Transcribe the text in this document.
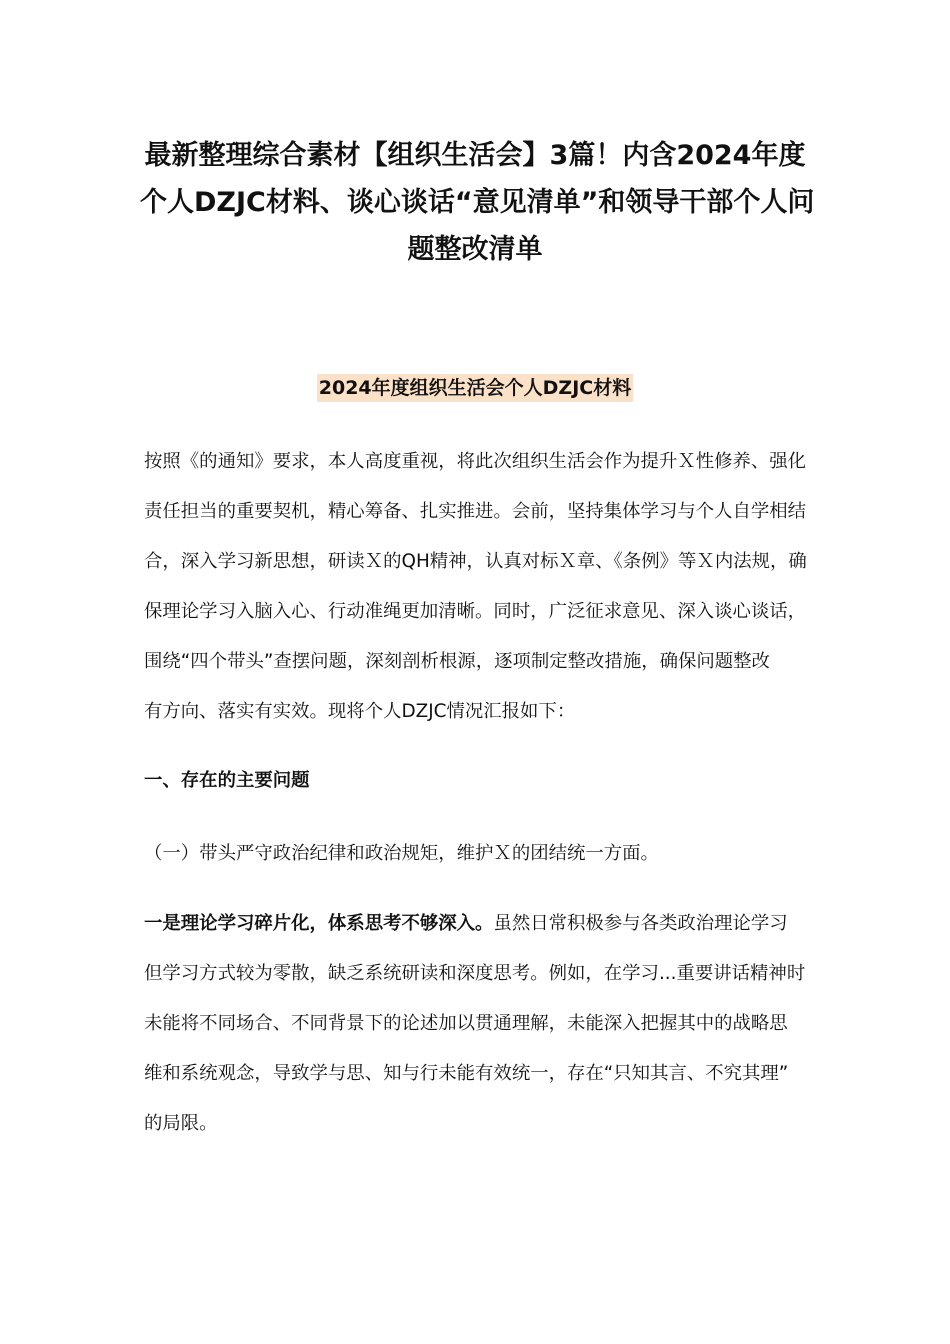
最新整理综合素材【组织生活会】3篇！内含2024年度
个人DZJC材料、谈心谈话“意见清单”和领导干部个人问
题整改清单
2024年度组织生活会个人DZJC材料

按照《的通知》要求，本人高度重视，将此次组织生活会作为提升Ｘ性修养、强化
责任担当的重要契机，精心筹备、扎实推进。会前，坚持集体学习与个人自学相结
合，深入学习新思想，研读Ｘ的QH精神，认真对标Ｘ章、《条例》等Ｘ内法规，确
保理论学习入脑入心、行动准绳更加清晰。同时，广泛征求意见、深入谈心谈话，
围绕“四个带头”查摆问题，深刻剖析根源，逐项制定整改措施，确保问题整改
有方向、落实有实效。现将个人DZJC情况汇报如下：

一、存在的主要问题

（一）带头严守政治纪律和政治规矩，维护Ｘ的团结统一方面。

一是理论学习碎片化，体系思考不够深入。虽然日常积极参与各类政治理论学习
但学习方式较为零散，缺乏系统研读和深度思考。例如，在学习...重要讲话精神时
未能将不同场合、不同背景下的论述加以贯通理解，未能深入把握其中的战略思
维和系统观念，导致学与思、知与行未能有效统一，存在“只知其言、不究其理”
的局限。
